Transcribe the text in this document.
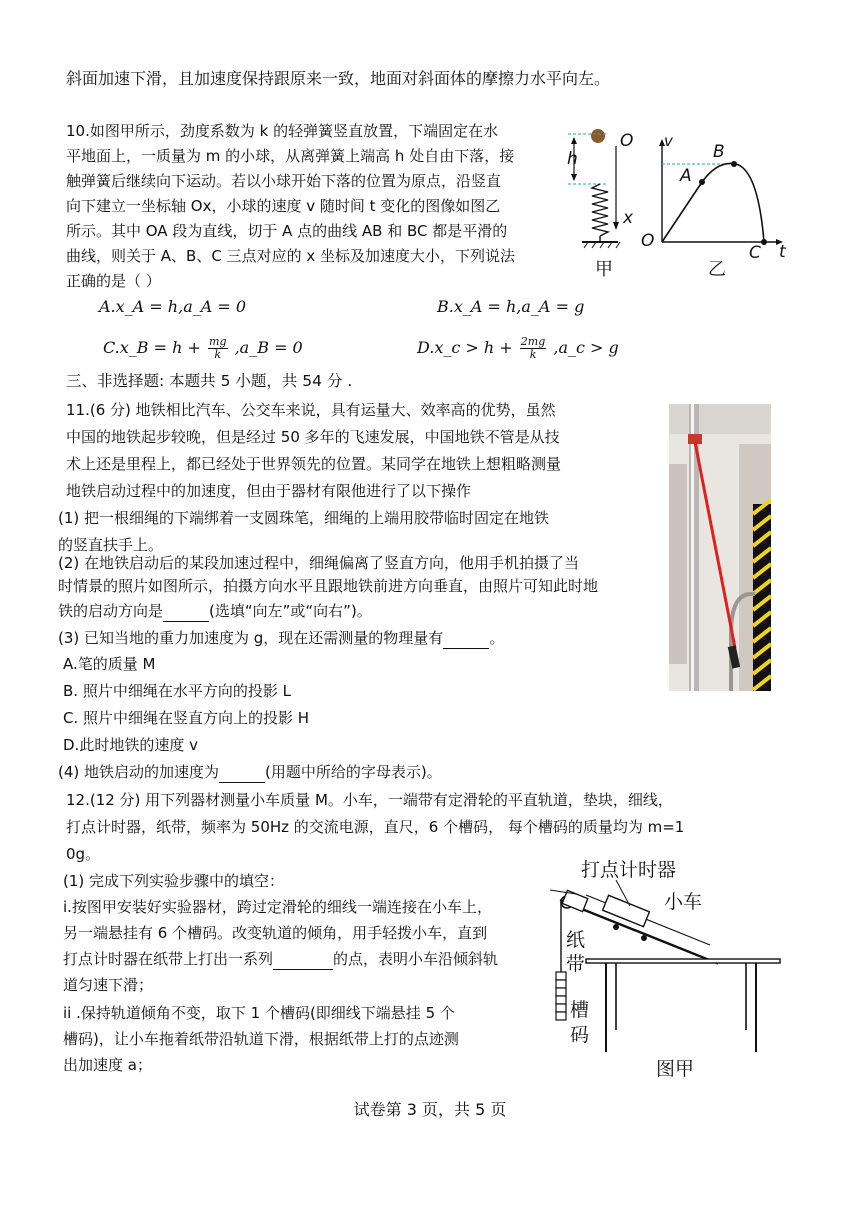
斜面加速下滑，且加速度保持跟原来一致，地面对斜面体的摩擦力水平向左。
10.如图甲所示，劲度系数为 k 的轻弹簧竖直放置，下端固定在水
平地面上，一质量为 m 的小球，从离弹簧上端高 h 处自由下落，接
触弹簧后继续向下运动。若以小球开始下落的位置为原点，沿竖直
向下建立一坐标轴 Ox，小球的速度 v 随时间 t 变化的图像如图乙
所示。其中 OA 段为直线，切于 A 点的曲线 AB 和 BC 都是平滑的
曲线，则关于 A、B、C 三点对应的 x 坐标及加速度大小，下列说法
正确的是（ ）
h
O
x
甲
v
A
B
O
C t
乙
A.x_A = h,a_A = 0	B.x_A = h,a_A = g
C.x_B = $h + \frac{mg}{k}$ ,a_B = 0	D.x_c > $h + \frac{2mg}{k}$ ,a_c > g
三、非选择题: 本题共 5 小题，共 54 分 .
11.(6 分) 地铁相比汽车、公交车来说，具有运量大、效率高的优势，虽然
中国的地铁起步较晚，但是经过 50 多年的飞速发展，中国地铁不管是从技
术上还是里程上，都已经处于世界领先的位置。某同学在地铁上想粗略测量
地铁启动过程中的加速度，但由于器材有限他进行了以下操作
(1) 把一根细绳的下端绑着一支圆珠笔，细绳的上端用胶带临时固定在地铁
的竖直扶手上。
(2) 在地铁启动后的某段加速过程中，细绳偏离了竖直方向，他用手机拍摄了当
时情景的照片如图所示，拍摄方向水平且跟地铁前进方向垂直，由照片可知此时地
铁的启动方向是	(选填“向左”或“向右”)。
(3) 已知当地的重力加速度为 g，现在还需测量的物理量有	。
A.笔的质量 M
B. 照片中细绳在水平方向的投影 L
C. 照片中细绳在竖直方向上的投影 H
D.此时地铁的速度 v
(4) 地铁启动的加速度为	(用题中所给的字母表示)。
12.(12 分) 用下列器材测量小车质量 M。小车，一端带有定滑轮的平直轨道，垫块，细线，
打点计时器，纸带，频率为 50Hz 的交流电源，直尺，6 个槽码， 每个槽码的质量均为 m=1
0g。
(1) 完成下列实验步骤中的填空：
i.按图甲安装好实验器材，跨过定滑轮的细线一端连接在小车上，
另一端悬挂有 6 个槽码。改变轨道的倾角，用手轻拨小车，直到
打点计时器在纸带上打出一系列	的点，表明小车沿倾斜轨
道匀速下滑；
ii .保持轨道倾角不变，取下 1 个槽码(即细线下端悬挂 5 个
槽码)，让小车拖着纸带沿轨道下滑，根据纸带上打的点迹测
出加速度 a；
打点计时器
小车
纸
带
槽
码
图甲
试卷第 3 页，共 5 页
